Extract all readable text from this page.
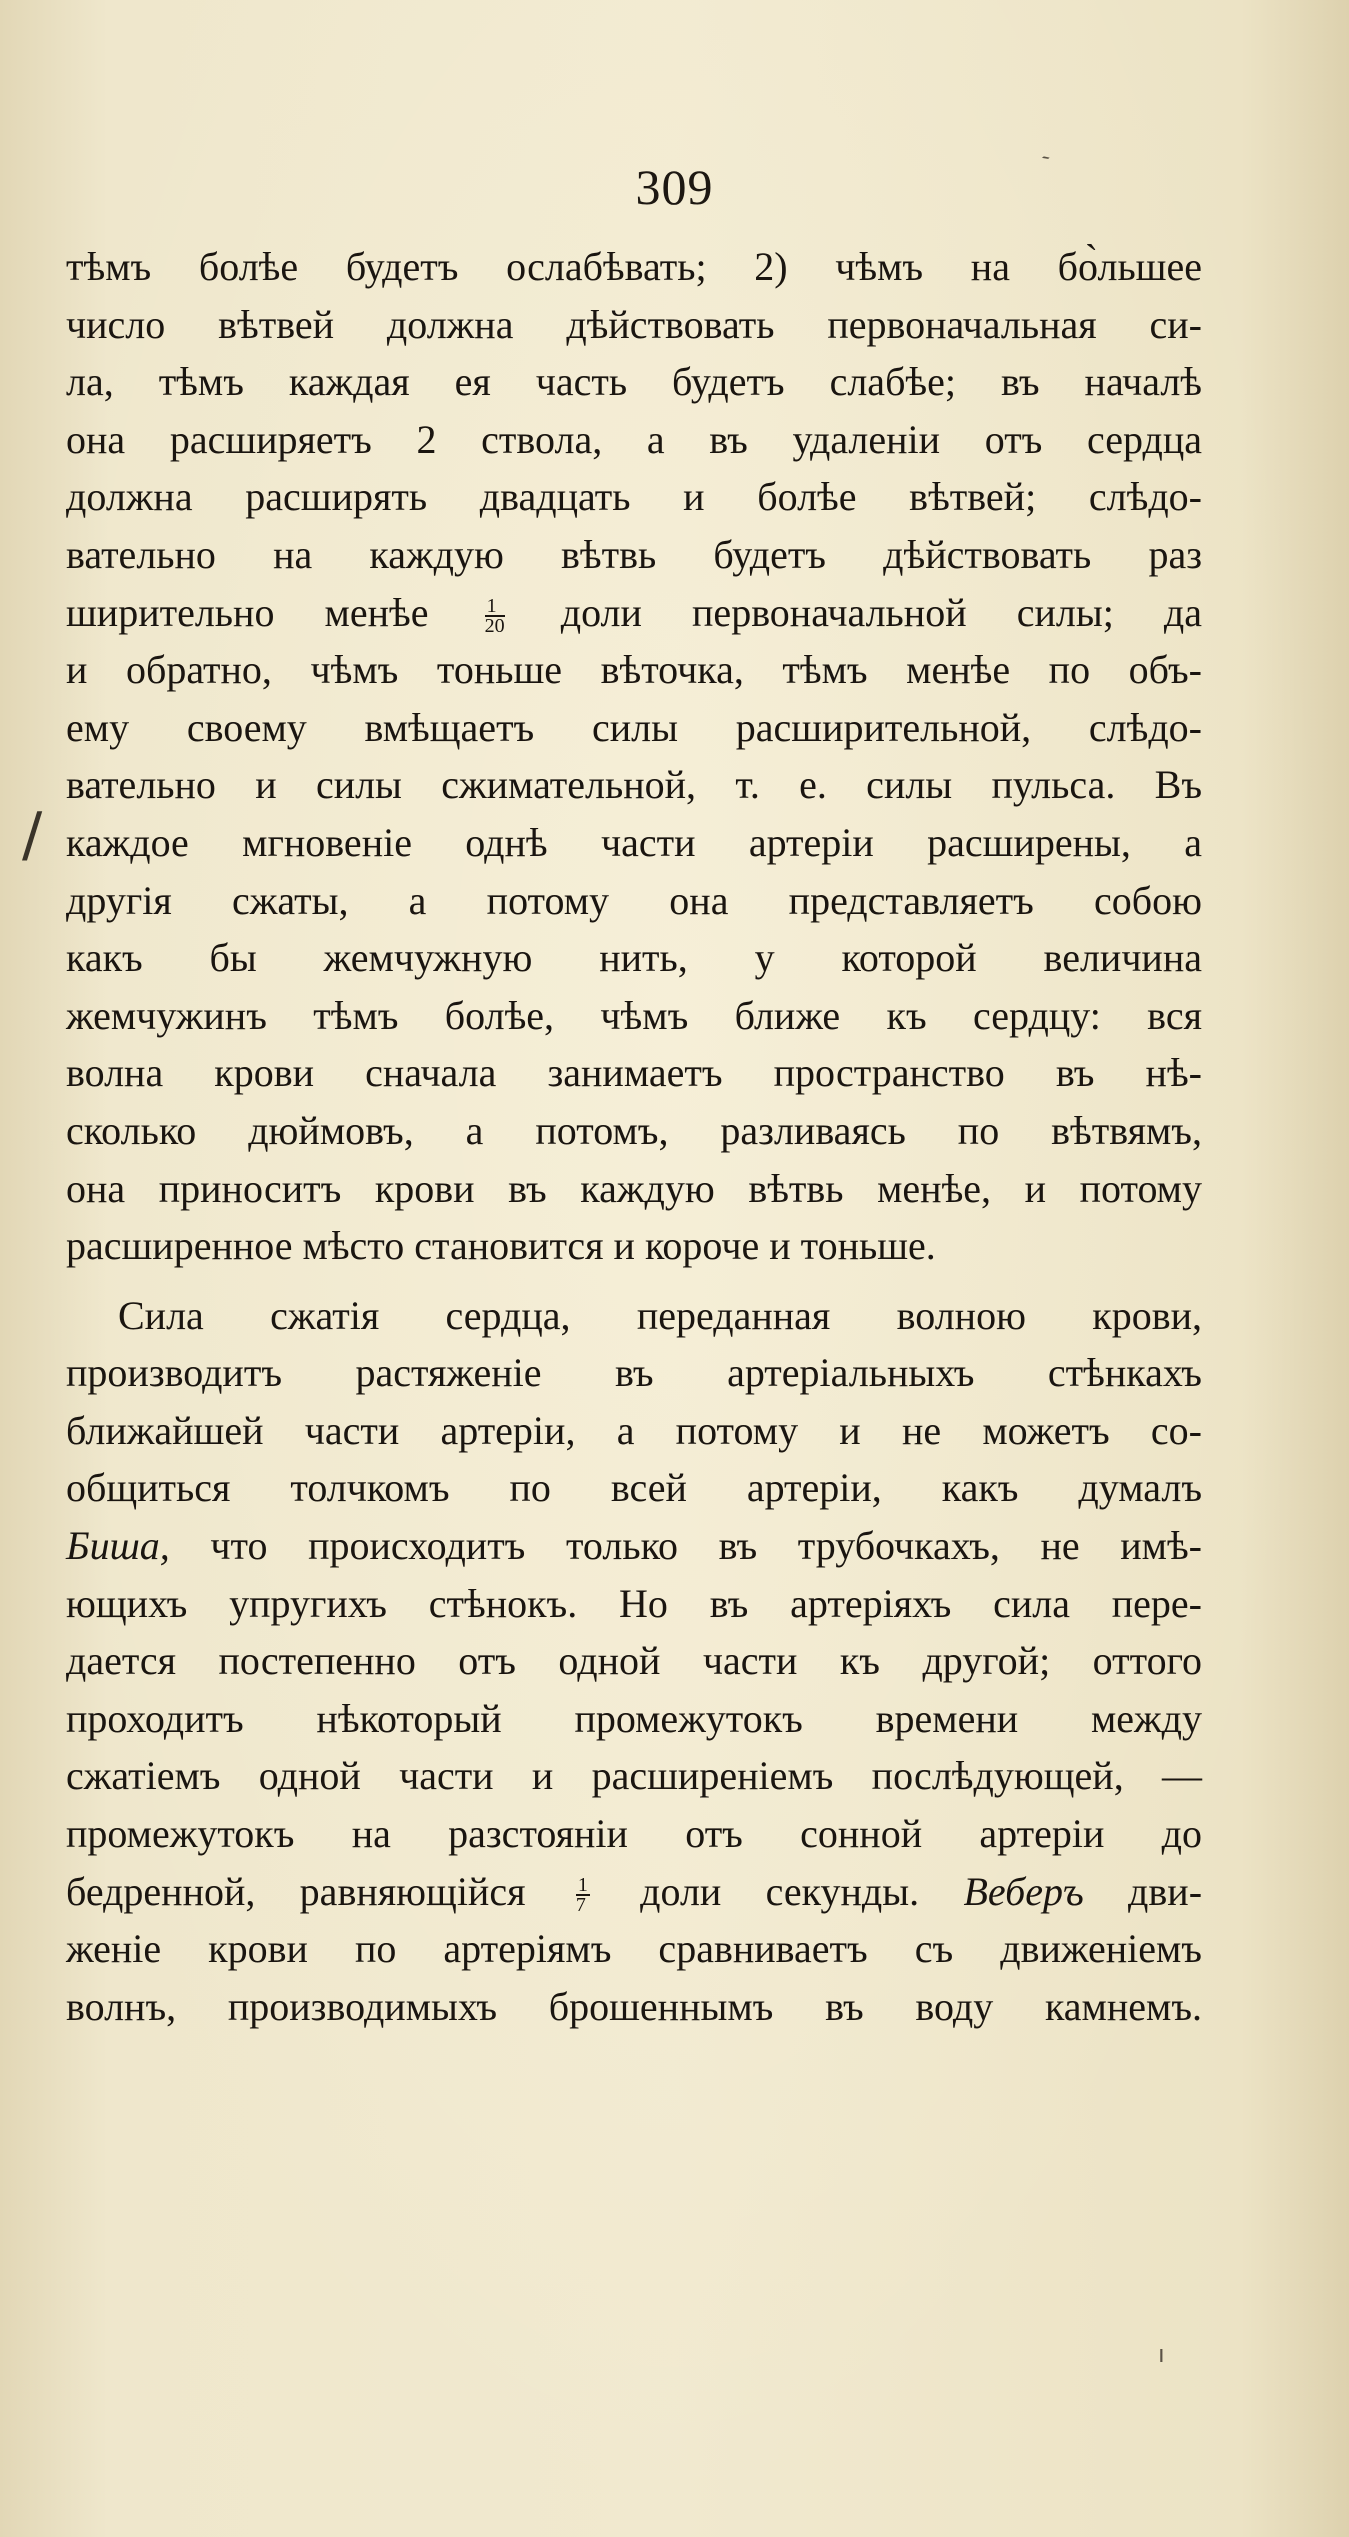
ˋ
/
ı
309
тѣмъ болѣе будетъ ослабѣвать; 2) чѣмъ на бо̀льшее
число вѣтвей должна дѣйствовать первоначальная си-
ла, тѣмъ каждая ея часть будетъ слабѣе; въ началѣ
она расширяетъ 2 ствола, а въ удаленіи отъ сердца
должна расширять двадцать и болѣе вѣтвей; слѣдо-
вательно на каждую вѣтвь будетъ дѣйствовать раз
ширительно менѣе	$\frac{1}{20}$ доли первоначальной силы; да
и обратно, чѣмъ тоньше вѣточка, тѣмъ менѣе по объ-
ему своему вмѣщаетъ силы расширительной, слѣдо-
вательно и силы сжимательной, т. е. силы пульса. Въ
каждое мгновеніе однѣ части артеріи расширены, а
другія сжаты, а потому она представляетъ собою
какъ бы жемчужную нить, у которой величина
жемчужинъ тѣмъ болѣе, чѣмъ ближе къ сердцу: вся
волна крови сначала занимаетъ пространство въ нѣ-
сколько дюймовъ, а потомъ, разливаясь по вѣтвямъ,
она приноситъ крови въ каждую вѣтвь менѣе, и потому
расширенное мѣсто становится и короче и тоньше.
Сила сжатія сердца, переданная волною крови,
производитъ растяженіе въ артеріальныхъ стѣнкахъ
ближайшей части артеріи, а потому и не можетъ со-
общиться толчкомъ по всей артеріи, какъ думалъ
Биша, что происходитъ только въ трубочкахъ, не имѣ-
ющихъ упругихъ стѣнокъ. Но въ артеріяхъ сила пере-
дается постепенно отъ одной части къ другой; оттого
проходитъ нѣкоторый промежутокъ времени между
сжатіемъ одной части и расширеніемъ послѣдующей, —
промежутокъ на разстояніи отъ сонной артеріи до
бедренной, равняющійся	$\frac{1}{7}$ доли секунды. Веберъ дви-
женіе крови по артеріямъ сравниваетъ съ движеніемъ
волнъ, производимыхъ брошеннымъ въ воду камнемъ.
